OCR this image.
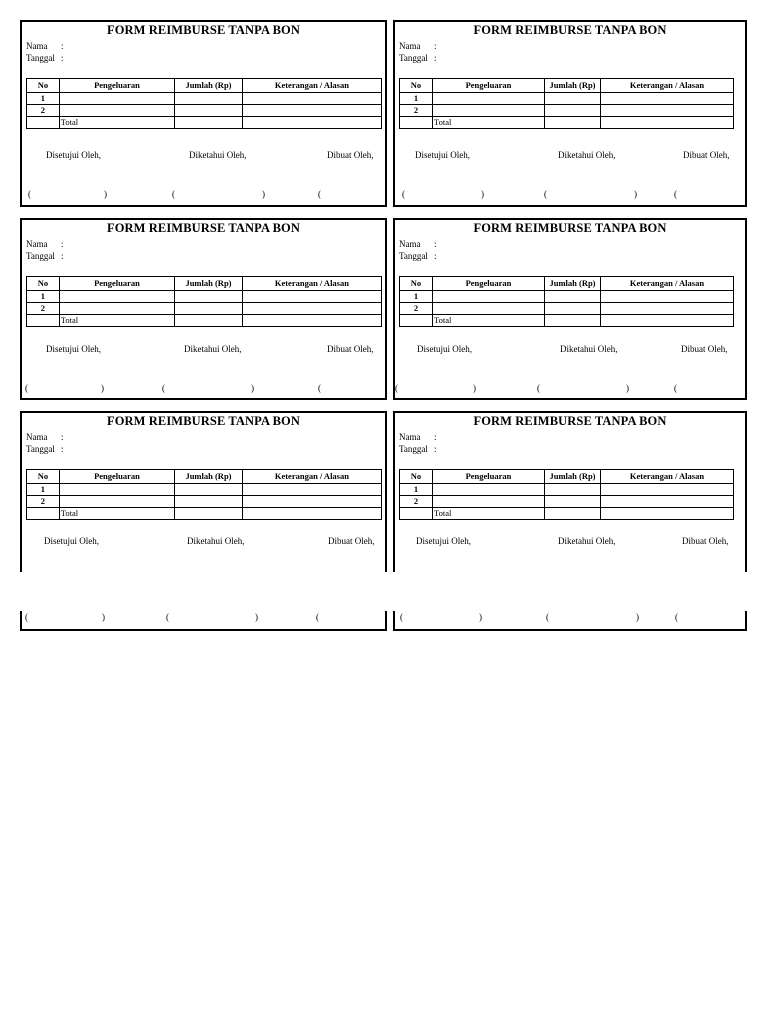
FORM REIMBURSE TANPA BON
Nama :
Tanggal :
No	Pengeluaran	Jumlah (Rp)	Keterangan / Alasan
1			
2			
	Total		
Disetujui Oleh,	Diketahui Oleh,	Dibuat Oleh,
(	)	(	)	(
FORM REIMBURSE TANPA BON
Nama :
Tanggal :
No	Pengeluaran	Jumlah (Rp)	Keterangan / Alasan
1			
2			
	Total		
Disetujui Oleh,	Diketahui Oleh,	Dibuat Oleh,
(	)	(	)	(
FORM REIMBURSE TANPA BON
Nama :
Tanggal :
No	Pengeluaran	Jumlah (Rp)	Keterangan / Alasan
1			
2			
	Total		
Disetujui Oleh,	Diketahui Oleh,	Dibuat Oleh,
(	)	(	)	(
FORM REIMBURSE TANPA BON
Nama :
Tanggal :
No	Pengeluaran	Jumlah (Rp)	Keterangan / Alasan
1			
2			
	Total		
Disetujui Oleh,	Diketahui Oleh,	Dibuat Oleh,
(	)	(	)	(
FORM REIMBURSE TANPA BON
Nama :
Tanggal :
No	Pengeluaran	Jumlah (Rp)	Keterangan / Alasan
1			
2			
	Total		
Disetujui Oleh,	Diketahui Oleh,	Dibuat Oleh,
(	)	(	)	(
FORM REIMBURSE TANPA BON
Nama :
Tanggal :
No	Pengeluaran	Jumlah (Rp)	Keterangan / Alasan
1			
2			
	Total		
Disetujui Oleh,	Diketahui Oleh,	Dibuat Oleh,
(	)	(	)	(
